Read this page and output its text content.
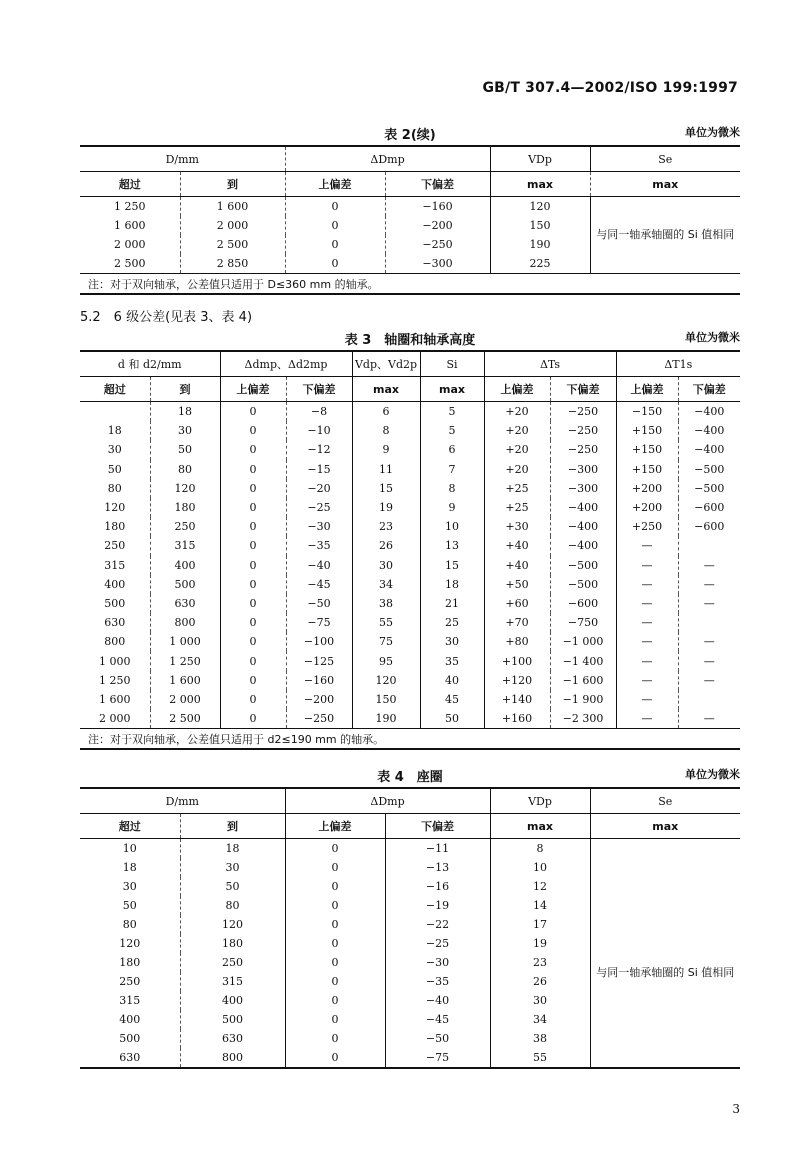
GB/T 307.4—2002/ISO 199:1997
表 2(续)	单位为微米
D/mm		ΔDmp		VDp	Se
超过	到	上偏差	下偏差	max	max
1 250	1 600	0	−160	120	与同一轴承轴圈的 Si 值相同
1 600	2 000	0	−200	150	
2 000	2 500	0	−250	190	
2 500	2 850	0	−300	225	
注：对于双向轴承，公差值只适用于 D≤360 mm 的轴承。					
5.2　6 级公差(见表 3、表 4)
表 3　轴圈和轴承高度	单位为微米
d 和 d2/mm		Δdmp、Δd2mp		Vdp、Vd2p	Si	ΔTs		ΔT1s	
超过	到	上偏差	下偏差	max	max	上偏差	下偏差	上偏差	下偏差
	18	0	−8	6	5	+20	−250	−150	−400
18	30	0	−10	8	5	+20	−250	+150	−400
30	50	0	−12	9	6	+20	−250	+150	−400
50	80	0	−15	11	7	+20	−300	+150	−500
80	120	0	−20	15	8	+25	−300	+200	−500
120	180	0	−25	19	9	+25	−400	+200	−600
180	250	0	−30	23	10	+30	−400	+250	−600
250	315	0	−35	26	13	+40	−400	—	
315	400	0	−40	30	15	+40	−500	—	—
400	500	0	−45	34	18	+50	−500	—	—
500	630	0	−50	38	21	+60	−600	—	—
630	800	0	−75	55	25	+70	−750	—	
800	1 000	0	−100	75	30	+80	−1 000	—	—
1 000	1 250	0	−125	95	35	+100	−1 400	—	—
1 250	1 600	0	−160	120	40	+120	−1 600	—	—
1 600	2 000	0	−200	150	45	+140	−1 900	—	
2 000	2 500	0	−250	190	50	+160	−2 300	—	—
注：对于双向轴承，公差值只适用于 d2≤190 mm 的轴承。									
表 4　座圈	单位为微米
D/mm		ΔDmp		VDp	Se
超过	到	上偏差	下偏差	max	max
10	18	0	−11	8	与同一轴承轴圈的 Si 值相同
18	30	0	−13	10	
30	50	0	−16	12	
50	80	0	−19	14	
80	120	0	−22	17	
120	180	0	−25	19	
180	250	0	−30	23	
250	315	0	−35	26	
315	400	0	−40	30	
400	500	0	−45	34	
500	630	0	−50	38	
630	800	0	−75	55	
3
